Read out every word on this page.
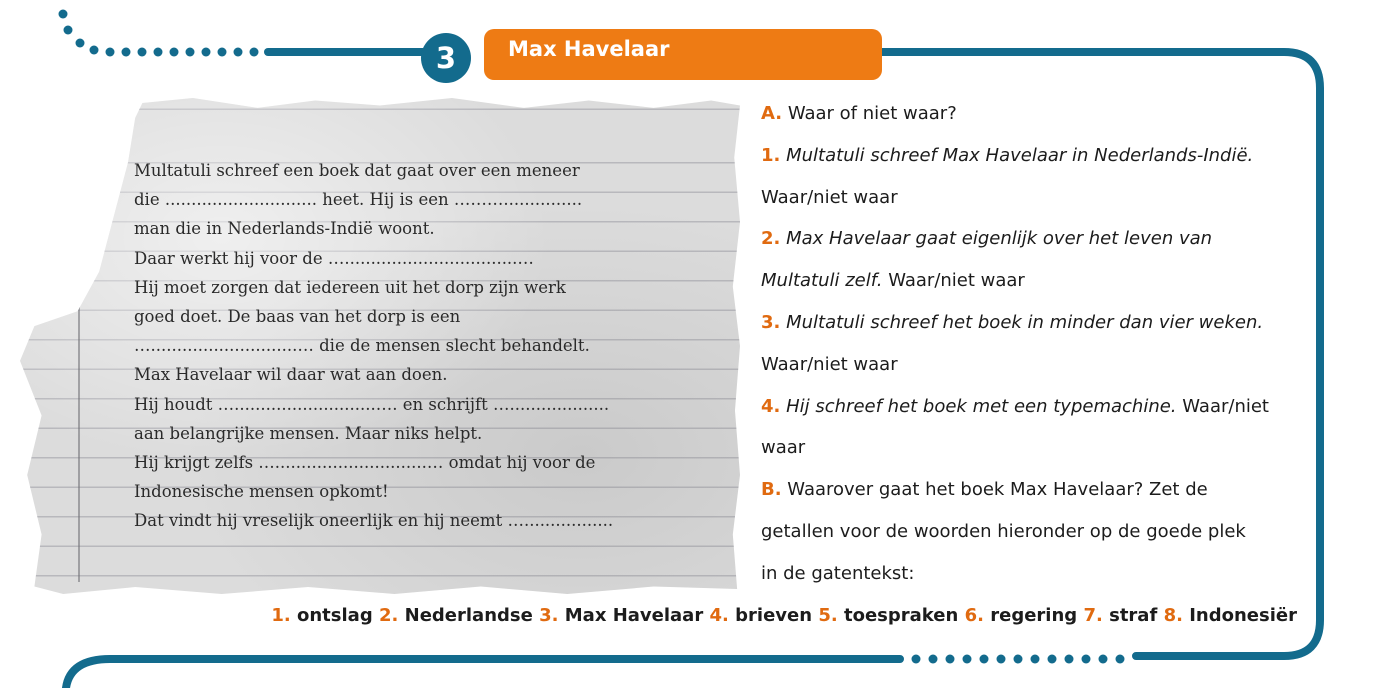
3	Max Havelaar
Multatuli schreef een boek dat gaat over een meneer
die ............................. heet. Hij is een ………...............
man die in Nederlands-Indië woont.
Daar werkt hij voor de ….................................…
Hij moet zorgen dat iedereen uit het dorp zijn werk
goed doet. De baas van het dorp is een
…............................… die de mensen slecht behandelt.
Max Havelaar wil daar wat aan doen.
Hij houdt …...........................…. en schrijft …...................
aan belangrijke mensen. Maar niks helpt.
Hij krijgt zelfs ….............................… omdat hij voor de
Indonesische mensen opkomt!
Dat vindt hij vreselijk oneerlijk en hij neemt ….................
A. Waar of niet waar?
1. Multatuli schreef Max Havelaar in Nederlands-Indië.
Waar/niet waar
2. Max Havelaar gaat eigenlijk over het leven van
Multatuli zelf. Waar/niet waar
3. Multatuli schreef het boek in minder dan vier weken.
Waar/niet waar
4. Hij schreef het boek met een typemachine. Waar/niet
waar
B. Waarover gaat het boek Max Havelaar? Zet de
getallen voor de woorden hieronder op de goede plek
in de gatentekst:
1. ontslag 2. Nederlandse 3. Max Havelaar 4. brieven 5. toespraken 6. regering 7. straf 8. Indonesiër
